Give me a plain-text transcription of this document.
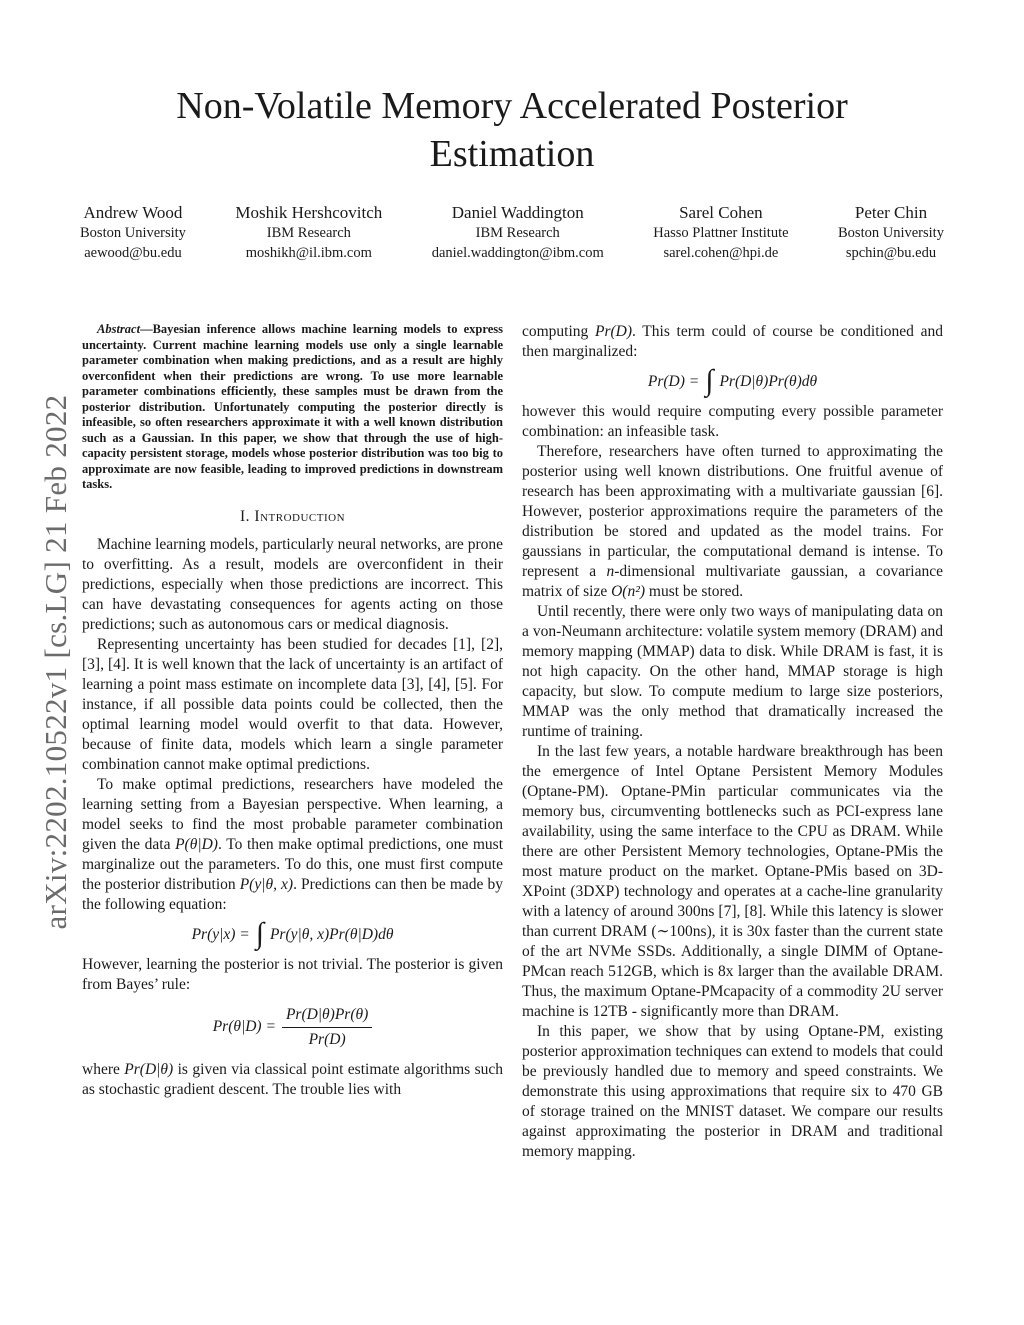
arXiv:2202.10522v1 [cs.LG] 21 Feb 2022
Non-Volatile Memory Accelerated Posterior Estimation
Andrew Wood
Boston University
aewood@bu.edu
Moshik Hershcovitch
IBM Research
moshikh@il.ibm.com
Daniel Waddington
IBM Research
daniel.waddington@ibm.com
Sarel Cohen
Hasso Plattner Institute
sarel.cohen@hpi.de
Peter Chin
Boston University
spchin@bu.edu

Abstract—Bayesian inference allows machine learning models to express uncertainty. Current machine learning models use only a single learnable parameter combination when making predictions, and as a result are highly overconfident when their predictions are wrong. To use more learnable parameter combinations efficiently, these samples must be drawn from the posterior distribution. Unfortunately computing the posterior directly is infeasible, so often researchers approximate it with a well known distribution such as a Gaussian. In this paper, we show that through the use of high-capacity persistent storage, models whose posterior distribution was too big to approximate are now feasible, leading to improved predictions in downstream tasks.

I. Introduction

Machine learning models, particularly neural networks, are prone to overfitting. As a result, models are overconfident in their predictions, especially when those predictions are incorrect. This can have devastating consequences for agents acting on those predictions; such as autonomous cars or medical diagnosis.

Representing uncertainty has been studied for decades [1], [2], [3], [4]. It is well known that the lack of uncertainty is an artifact of learning a point mass estimate on incomplete data [3], [4], [5]. For instance, if all possible data points could be collected, then the optimal learning model would overfit to that data. However, because of finite data, models which learn a single parameter combination cannot make optimal predictions.

To make optimal predictions, researchers have modeled the learning setting from a Bayesian perspective. When learning, a model seeks to find the most probable parameter combination given the data P(θ|D). To then make optimal predictions, one must marginalize out the parameters. To do this, one must first compute the posterior distribution P(y|θ, x). Predictions can then be made by the following equation:

Pr(y|x) = ∫ Pr(y|θ, x)Pr(θ|D)dθ

However, learning the posterior is not trivial. The posterior is given from Bayes’ rule:

$Pr(\theta|D) = \frac{Pr(D|\theta)Pr(\theta)}{Pr(D)}$

where Pr(D|θ) is given via classical point estimate algorithms such as stochastic gradient descent. The trouble lies with

computing Pr(D). This term could of course be conditioned and then marginalized:

Pr(D) = ∫ Pr(D|θ)Pr(θ)dθ

however this would require computing every possible parameter combination: an infeasible task.

Therefore, researchers have often turned to approximating the posterior using well known distributions. One fruitful avenue of research has been approximating with a multivariate gaussian [6]. However, posterior approximations require the parameters of the distribution be stored and updated as the model trains. For gaussians in particular, the computational demand is intense. To represent a n-dimensional multivariate gaussian, a covariance matrix of size O(n²) must be stored.

Until recently, there were only two ways of manipulating data on a von-Neumann architecture: volatile system memory (DRAM) and memory mapping (MMAP) data to disk. While DRAM is fast, it is not high capacity. On the other hand, MMAP storage is high capacity, but slow. To compute medium to large size posteriors, MMAP was the only method that dramatically increased the runtime of training.

In the last few years, a notable hardware breakthrough has been the emergence of Intel Optane Persistent Memory Modules (Optane-PM). Optane-PMin particular communicates via the memory bus, circumventing bottlenecks such as PCI-express lane availability, using the same interface to the CPU as DRAM. While there are other Persistent Memory technologies, Optane-PMis the most mature product on the market. Optane-PMis based on 3D-XPoint (3DXP) technology and operates at a cache-line granularity with a latency of around 300ns [7], [8]. While this latency is slower than current DRAM (∼100ns), it is 30x faster than the current state of the art NVMe SSDs. Additionally, a single DIMM of Optane-PMcan reach 512GB, which is 8x larger than the available DRAM. Thus, the maximum Optane-PMcapacity of a commodity 2U server machine is 12TB - significantly more than DRAM.

In this paper, we show that by using Optane-PM, existing posterior approximation techniques can extend to models that could be previously handled due to memory and speed constraints. We demonstrate this using approximations that require six to 470 GB of storage trained on the MNIST dataset. We compare our results against approximating the posterior in DRAM and traditional memory mapping.
